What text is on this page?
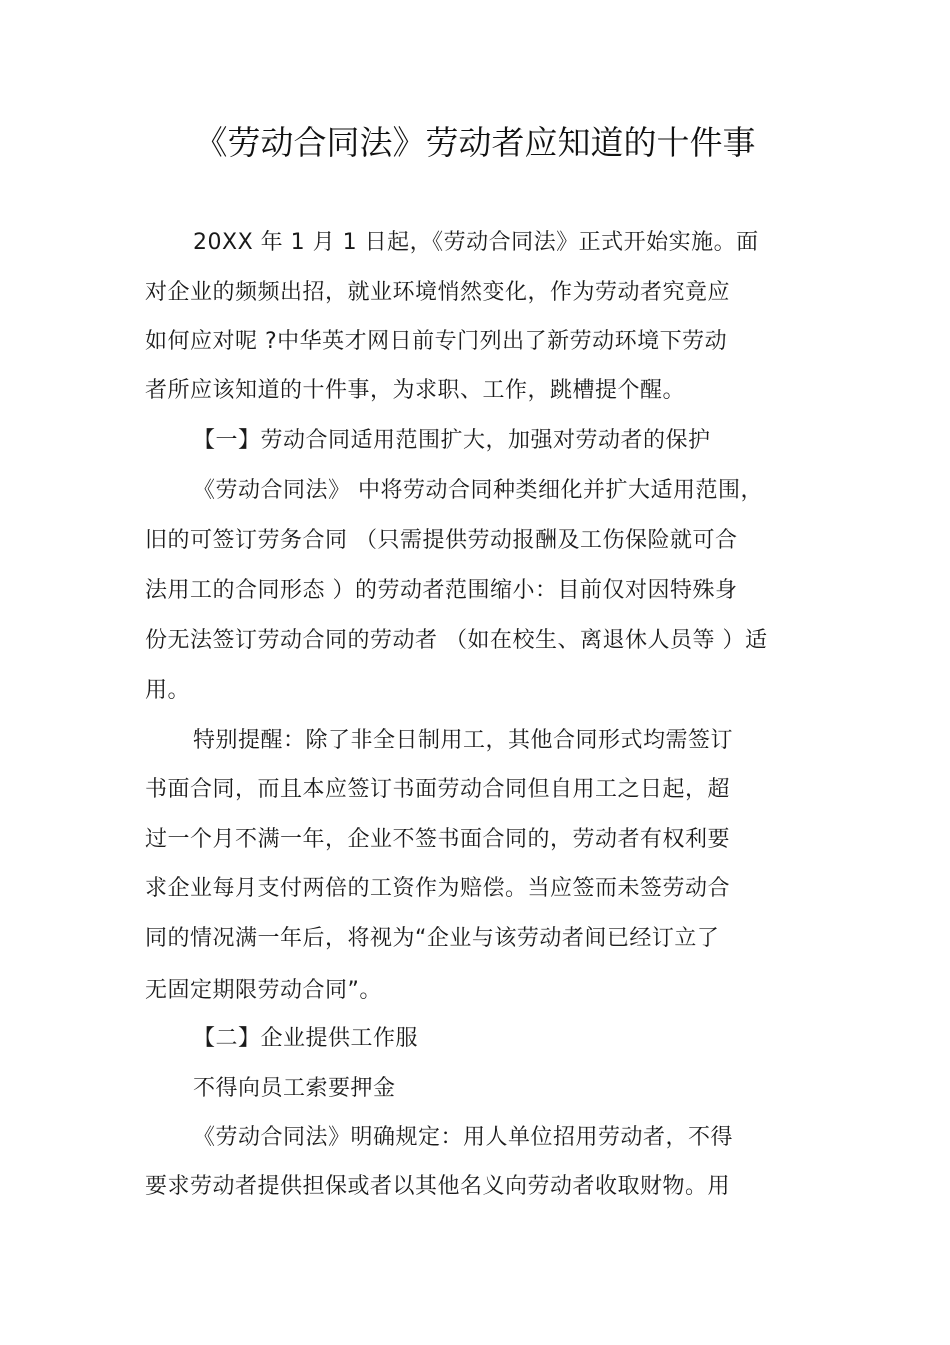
《劳动合同法》劳动者应知道的十件事
20XX 年 1 月 1 日起，《劳动合同法》正式开始实施。面
对企业的频频出招，就业环境悄然变化，作为劳动者究竟应
如何应对呢 ?中华英才网日前专门列出了新劳动环境下劳动
者所应该知道的十件事，为求职、工作，跳槽提个醒。
【一】劳动合同适用范围扩大，加强对劳动者的保护
《劳动合同法》 中将劳动合同种类细化并扩大适用范围，
旧的可签订劳务合同 （只需提供劳动报酬及工伤保险就可合
法用工的合同形态 ）的劳动者范围缩小：目前仅对因特殊身
份无法签订劳动合同的劳动者 （如在校生、离退休人员等 ）适
用。
特别提醒：除了非全日制用工，其他合同形式均需签订
书面合同，而且本应签订书面劳动合同但自用工之日起，超
过一个月不满一年，企业不签书面合同的，劳动者有权利要
求企业每月支付两倍的工资作为赔偿。当应签而未签劳动合
同的情况满一年后，将视为“企业与该劳动者间已经订立了
无固定期限劳动合同”。
【二】企业提供工作服
不得向员工索要押金
《劳动合同法》明确规定：用人单位招用劳动者，不得
要求劳动者提供担保或者以其他名义向劳动者收取财物。用
